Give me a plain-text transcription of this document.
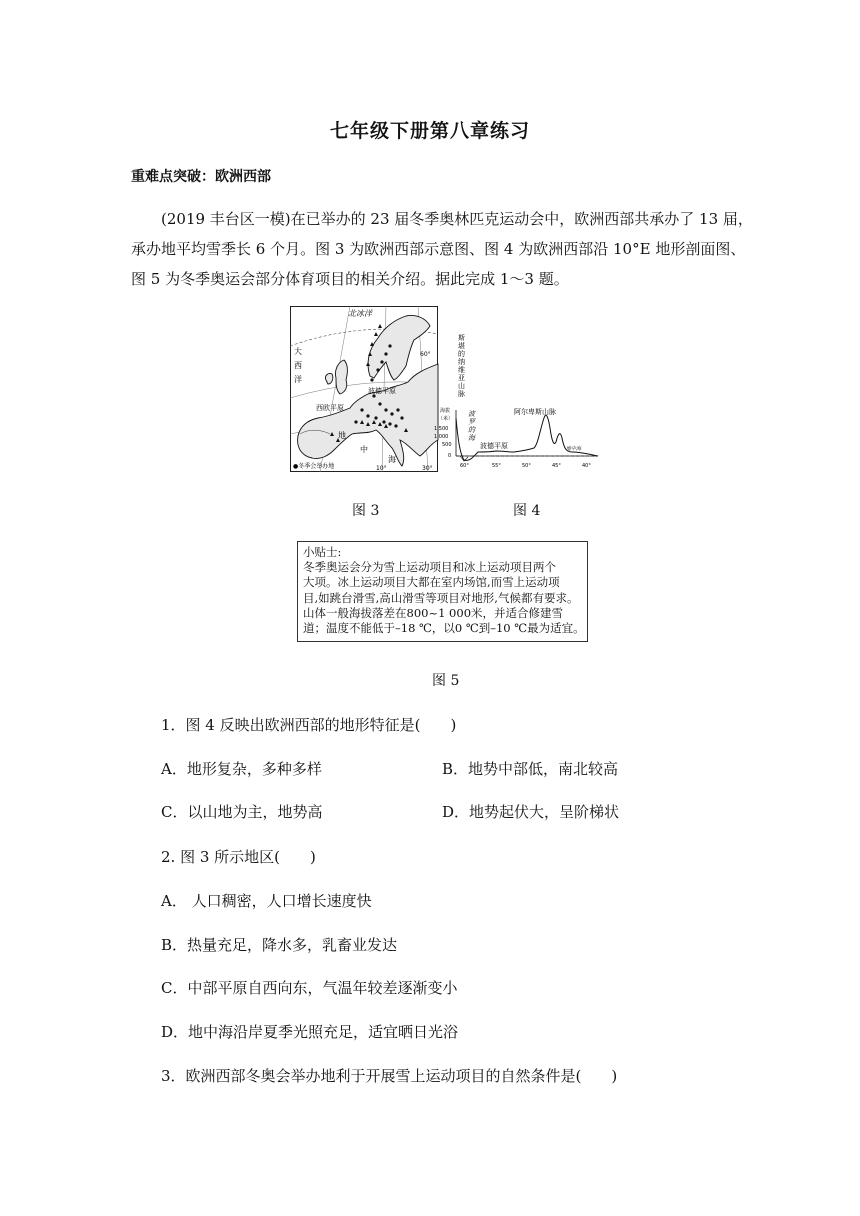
七年级下册第八章练习
重难点突破：欧洲西部

(2019 丰台区一模)在已举办的 23 届冬季奥林匹克运动会中，欧洲西部共承办了 13 届，

承办地平均雪季长 6 个月。图 3 为欧洲西部示意图、图 4 为欧洲西部沿 10°E 地形剖面图、

图 5 为冬季奥运会部分体育项目的相关介绍。据此完成 1～3 题。

北冰洋
大
西
洋
西欧平原
波德平原
地
中
海
60°
10°	30°
●冬季会举办地
斯
堪
的
纳
维
亚
山
脉
波
罗
的
海
波德平原
阿尔卑斯山脉
地中海
海拔
（米）
1 500
1 000
500
0
60°	55°	50°	45°	40°
图 3	图 4
小贴士:
冬季奥运会分为雪上运动项目和冰上运动项目两个
大项。冰上运动项目大都在室内场馆,而雪上运动项
目,如跳台滑雪,高山滑雪等项目对地形,气候都有要求。
山体一般海拔落差在800~1 000米，并适合修建雪
道；温度不能低于–18 ℃，以0 ℃到–10 ℃最为适宜。
图 5
1．图 4 反映出欧洲西部的地形特征是(　　)
A．地形复杂，多种多样	B．地势中部低，南北较高
C．以山地为主，地势高	D．地势起伏大，呈阶梯状
2. 图 3 所示地区(　　)
A． 人口稠密，人口增长速度快
B．热量充足，降水多，乳畜业发达
C．中部平原自西向东，气温年较差逐渐变小
D．地中海沿岸夏季光照充足，适宜晒日光浴
3．欧洲西部冬奥会举办地利于开展雪上运动项目的自然条件是(　　)
